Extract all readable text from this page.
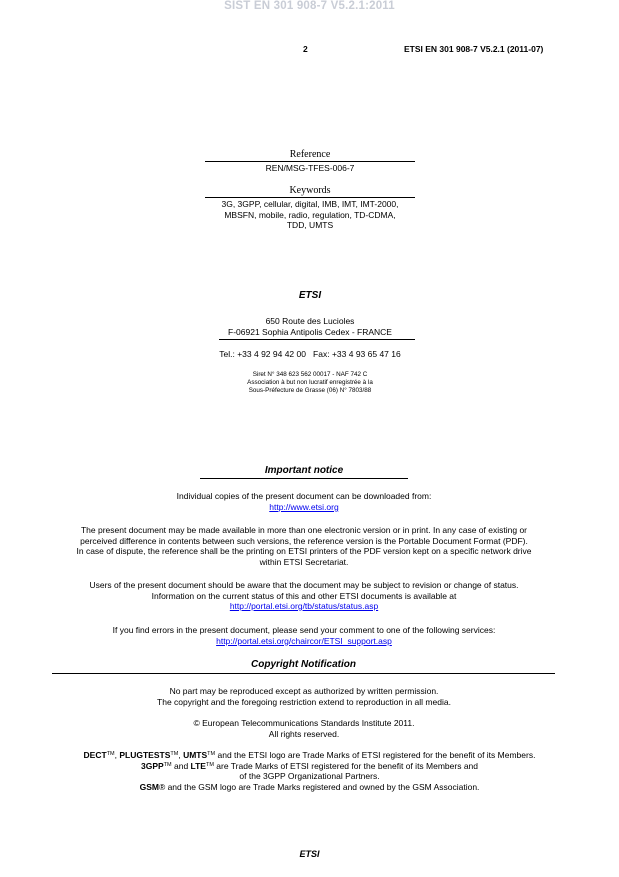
SIST EN 301 908-7 V5.2.1:2011
2	ETSI EN 301 908-7 V5.2.1 (2011-07)
Reference
REN/MSG-TFES-006-7
Keywords
3G, 3GPP, cellular, digital, IMB, IMT, IMT-2000,
MBSFN, mobile, radio, regulation, TD-CDMA,
TDD, UMTS
ETSI
650 Route des Lucioles
F-06921 Sophia Antipolis Cedex - FRANCE
Tel.: +33 4 92 94 42 00   Fax: +33 4 93 65 47 16
Siret N° 348 623 562 00017 - NAF 742 C
Association à but non lucratif enregistrée à la
Sous-Préfecture de Grasse (06) N° 7803/88
Important notice
Individual copies of the present document can be downloaded from:
http://www.etsi.org
The present document may be made available in more than one electronic version or in print. In any case of existing or
perceived difference in contents between such versions, the reference version is the Portable Document Format (PDF).
In case of dispute, the reference shall be the printing on ETSI printers of the PDF version kept on a specific network drive
within ETSI Secretariat.
Users of the present document should be aware that the document may be subject to revision or change of status.
Information on the current status of this and other ETSI documents is available at
http://portal.etsi.org/tb/status/status.asp
If you find errors in the present document, please send your comment to one of the following services:
http://portal.etsi.org/chaircor/ETSI_support.asp
Copyright Notification
No part may be reproduced except as authorized by written permission.
The copyright and the foregoing restriction extend to reproduction in all media.
© European Telecommunications Standards Institute 2011.
All rights reserved.
DECT™, PLUGTESTS™, UMTS™ and the ETSI logo are Trade Marks of ETSI registered for the benefit of its Members.
3GPP™ and LTE™ are Trade Marks of ETSI registered for the benefit of its Members and
of the 3GPP Organizational Partners.
GSM® and the GSM logo are Trade Marks registered and owned by the GSM Association.
ETSI
